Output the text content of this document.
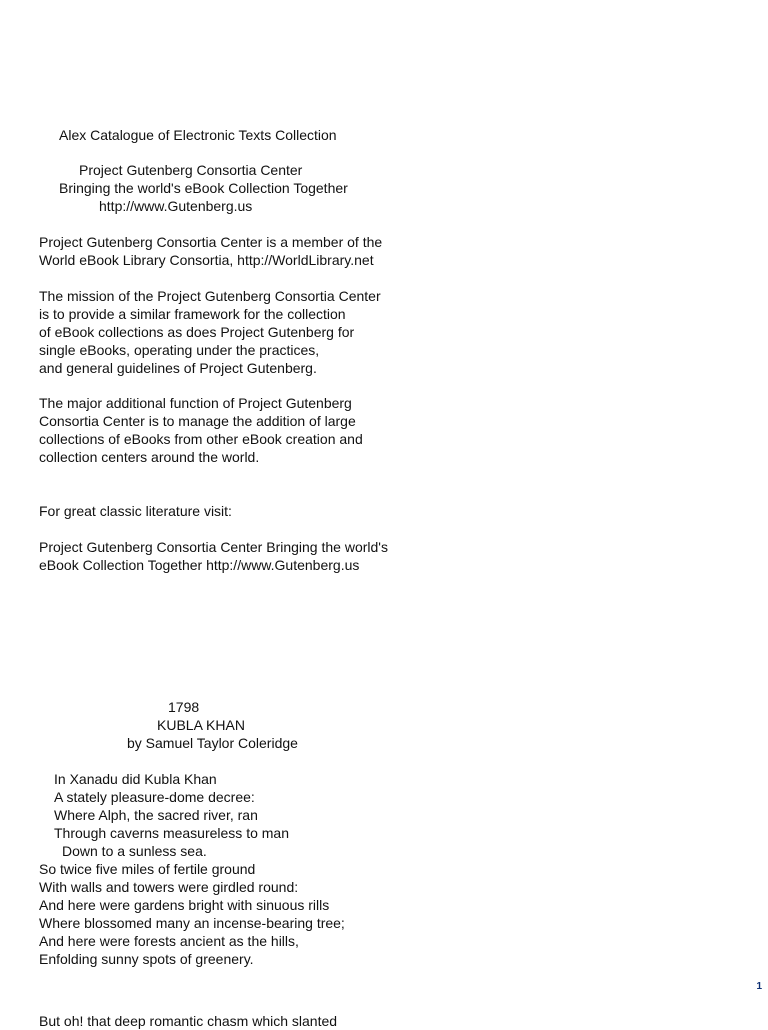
Alex Catalogue of Electronic Texts Collection

Project Gutenberg Consortia Center

Bringing the world's eBook Collection Together

http://www.Gutenberg.us

Project Gutenberg Consortia Center is a member of the

World eBook Library Consortia, http://WorldLibrary.net

The mission of the Project Gutenberg Consortia Center

is to provide a similar framework for the collection

of eBook collections as does Project Gutenberg for

single eBooks, operating under the practices,

and general guidelines of Project Gutenberg.

The major additional function of Project Gutenberg

Consortia Center is to manage the addition of large

collections of eBooks from other eBook creation and

collection centers around the world.

For great classic literature visit:

Project Gutenberg Consortia Center Bringing the world's

eBook Collection Together http://www.Gutenberg.us

1798

KUBLA KHAN

by Samuel Taylor Coleridge

In Xanadu did Kubla Khan

A stately pleasure-dome decree:

Where Alph, the sacred river, ran

Through caverns measureless to man

Down to a sunless sea.

So twice five miles of fertile ground

With walls and towers were girdled round:

And here were gardens bright with sinuous rills

Where blossomed many an incense-bearing tree;

And here were forests ancient as the hills,

Enfolding sunny spots of greenery.

1

But oh! that deep romantic chasm which slanted
